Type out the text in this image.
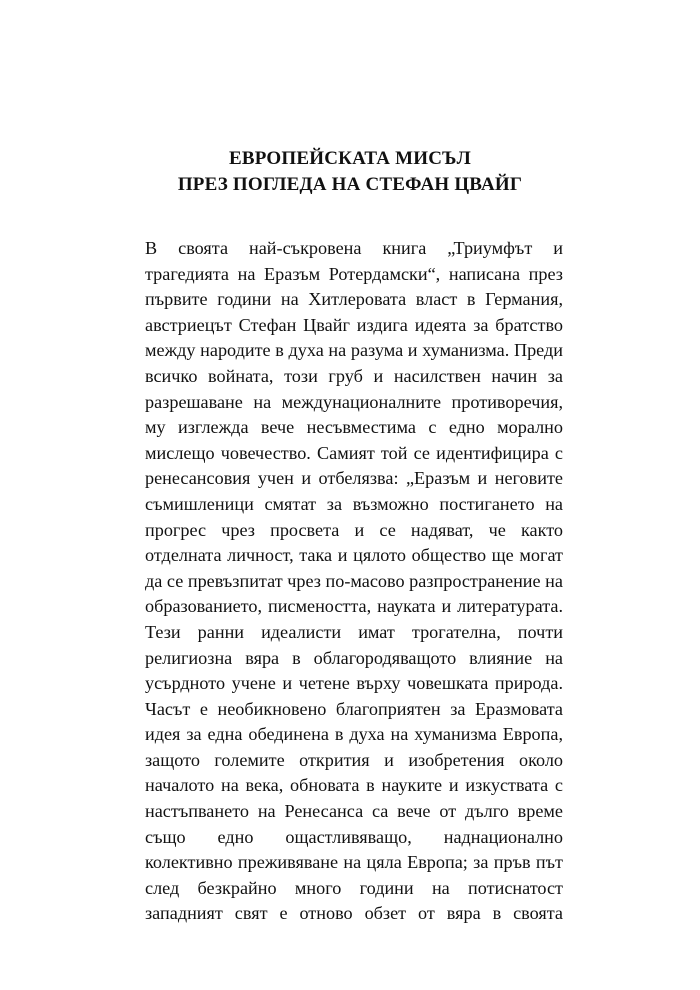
ЕВРОПЕЙСКАТА МИСЪЛ
ПРЕЗ ПОГЛЕДА НА СТЕФАН ЦВАЙГ
В своята най-съкровена книга „Триумфът и
трагедията на Еразъм Ротердамски“, написана през
първите години на Хитлеровата власт в Германия,
австриецът Стефан Цвайг издига идеята за братство
между народите в духа на разума и хуманизма. Преди
всичко войната, този груб и насилствен начин за
разрешаване на междунационалните противоречия,
му изглежда вече несъвместима с едно морално
мислещо човечество. Самият той се идентифицира с
ренесансовия учен и отбелязва: „Еразъм и неговите
съмишленици смятат за възможно постигането на
прогрес чрез просвета и се надяват, че както
отделната личност, така и цялото общество ще могат
да се превъзпитат чрез по-масово разпространение на
образованието, писмеността, науката и литературата.
Тези ранни идеалисти имат трогателна, почти
религиозна вяра в облагородяващото влияние на
усърдното учене и четене върху човешката природа.
Часът е необикновено благоприятен за Еразмовата
идея за една обединена в духа на хуманизма Европа,
защото големите открития и изобретения около
началото на века, обновата в науките и изкуствата с
настъпването на Ренесанса са вече от дълго време
също едно ощастливяващо, наднационално
колективно преживяване на цяла Европа; за пръв път
след безкрайно много години на потиснатост
западният свят е отново обзет от вяра в своята
